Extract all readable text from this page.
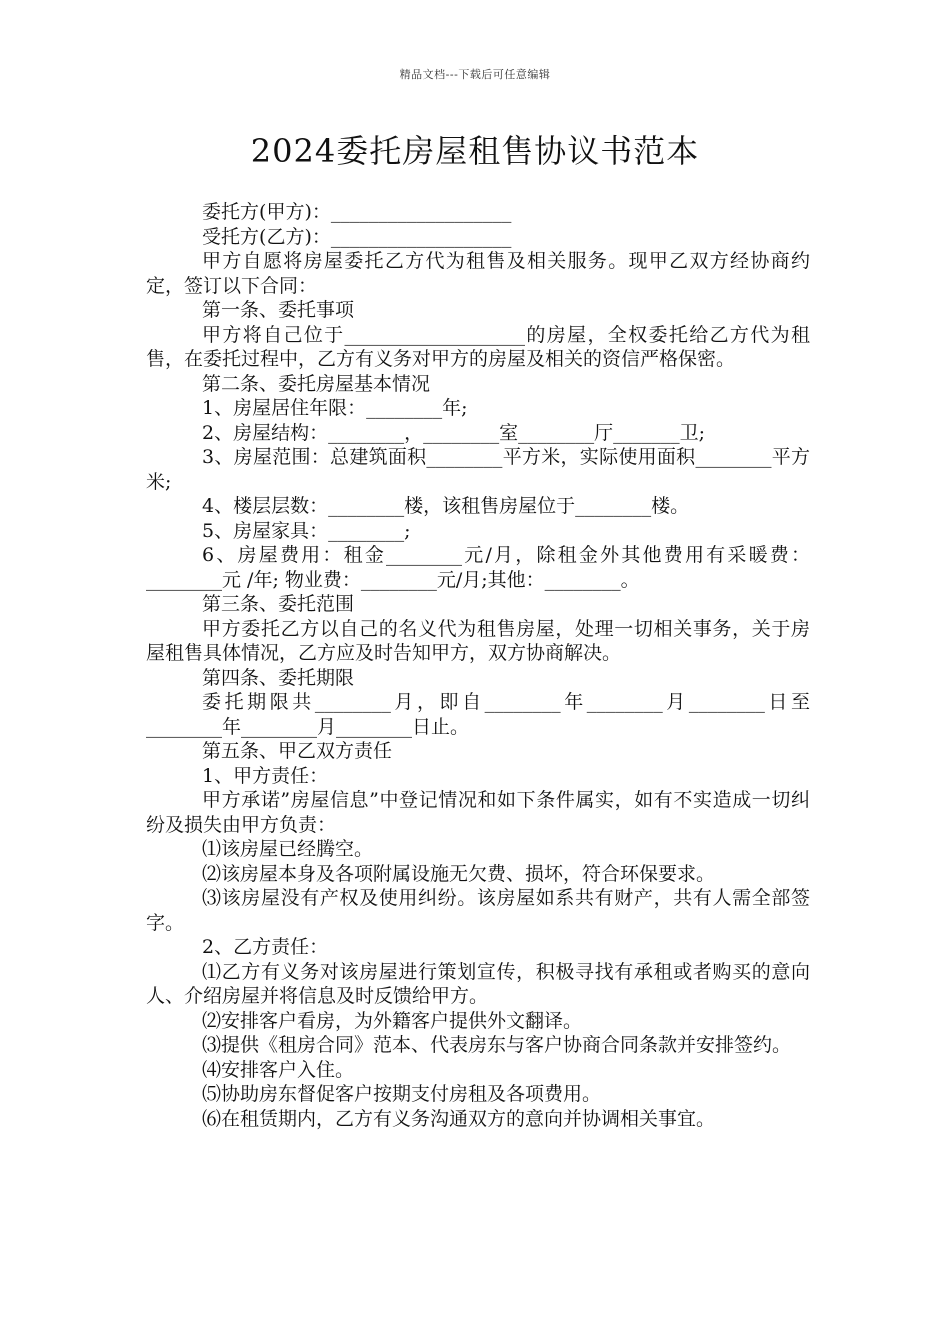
精品文档---下载后可任意编辑
2024委托房屋租售协议书范本

委托方(甲方)：___________________

受托方(乙方)：___________________

甲方自愿将房屋委托乙方代为租售及相关服务。现甲乙双方经协商约定，签订以下合同：

第一条、委托事项

甲方将自己位于___________________的房屋，全权委托给乙方代为租售，在委托过程中，乙方有义务对甲方的房屋及相关的资信严格保密。

第二条、委托房屋基本情况

1、房屋居住年限：________年;

2、房屋结构：________，________室________厅_______卫;

3、房屋范围：总建筑面积________平方米，实际使用面积________平方米;

4、楼层层数：________楼，该租售房屋位于________楼。

5、房屋家具：________;

6、房屋费用：租金________元/月，除租金外其他费用有采暖费：________元 /年; 物业费：________元/月;其他：________。

第三条、委托范围

甲方委托乙方以自己的名义代为租售房屋，处理一切相关事务，关于房屋租售具体情况，乙方应及时告知甲方，双方协商解决。

第四条、委托期限

委托期限共________月，即自________年________月________日至________年________月________日止。

第五条、甲乙双方责任

1、甲方责任：

甲方承诺”房屋信息”中登记情况和如下条件属实，如有不实造成一切纠纷及损失由甲方负责：

⑴该房屋已经腾空。

⑵该房屋本身及各项附属设施无欠费、损坏，符合环保要求。

⑶该房屋没有产权及使用纠纷。该房屋如系共有财产，共有人需全部签字。

2、乙方责任：

⑴乙方有义务对该房屋进行策划宣传，积极寻找有承租或者购买的意向人、介绍房屋并将信息及时反馈给甲方。

⑵安排客户看房，为外籍客户提供外文翻译。

⑶提供《租房合同》范本、代表房东与客户协商合同条款并安排签约。

⑷安排客户入住。

⑸协助房东督促客户按期支付房租及各项费用。

⑹在租赁期内，乙方有义务沟通双方的意向并协调相关事宜。
